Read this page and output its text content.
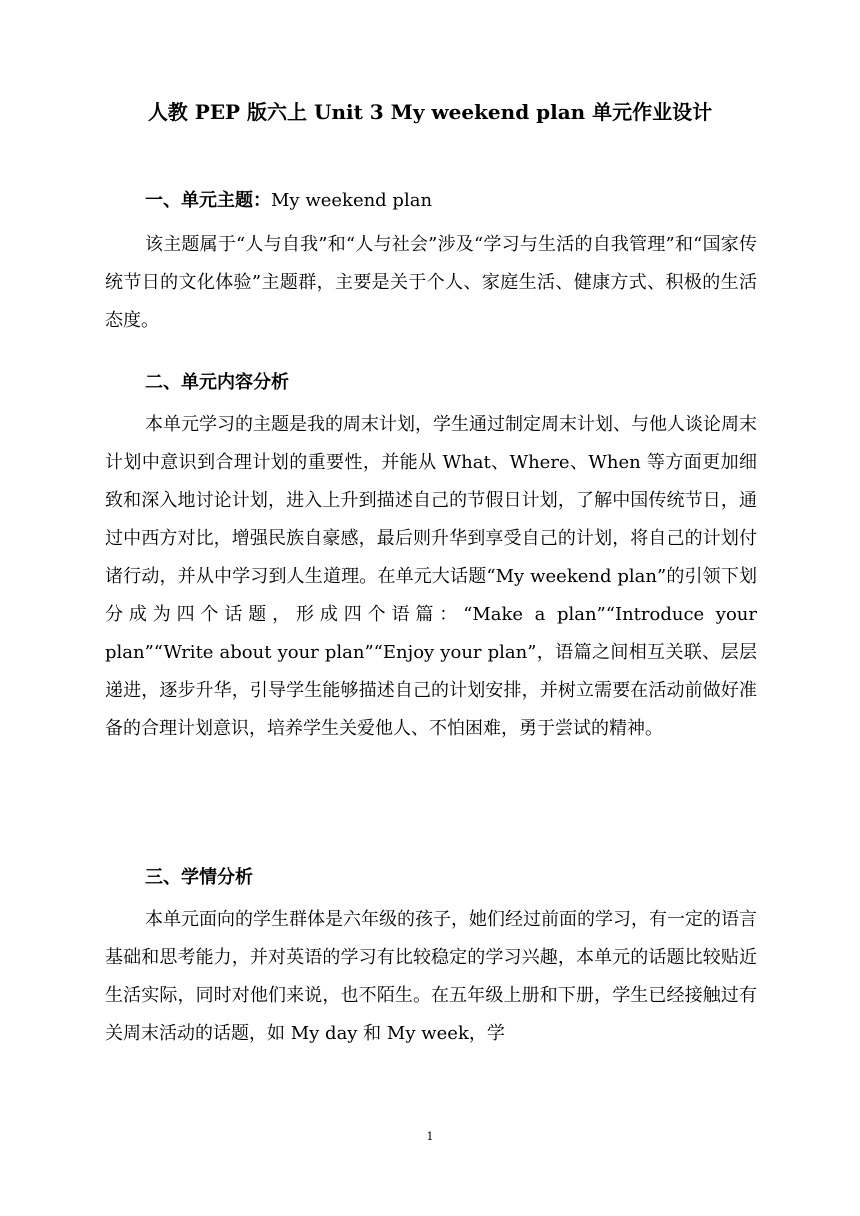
人教 PEP 版六上 Unit 3 My weekend plan 单元作业设计
一、单元主题：My weekend plan
该主题属于“人与自我”和“人与社会”涉及“学习与生活的自我管理”和“国家传统节日的文化体验”主题群，主要是关于个人、家庭生活、健康方式、积极的生活态度。
二、单元内容分析
本单元学习的主题是我的周末计划，学生通过制定周末计划、与他人谈论周末计划中意识到合理计划的重要性，并能从 What、Where、When 等方面更加细致和深入地讨论计划，进入上升到描述自己的节假日计划，了解中国传统节日，通过中西方对比，增强民族自豪感，最后则升华到享受自己的计划，将自己的计划付诸行动，并从中学习到人生道理。在单元大话题“My weekend plan”的引领下划分成为四个话题，形成四个语篇：“Make a plan”“Introduce your plan”“Write about your plan”“Enjoy your plan”，语篇之间相互关联、层层递进，逐步升华，引导学生能够描述自己的计划安排，并树立需要在活动前做好准备的合理计划意识，培养学生关爱他人、不怕困难，勇于尝试的精神。
三、学情分析
本单元面向的学生群体是六年级的孩子，她们经过前面的学习，有一定的语言基础和思考能力，并对英语的学习有比较稳定的学习兴趣，本单元的话题比较贴近生活实际，同时对他们来说，也不陌生。在五年级上册和下册，学生已经接触过有关周末活动的话题，如 My day 和 My week，学
1
